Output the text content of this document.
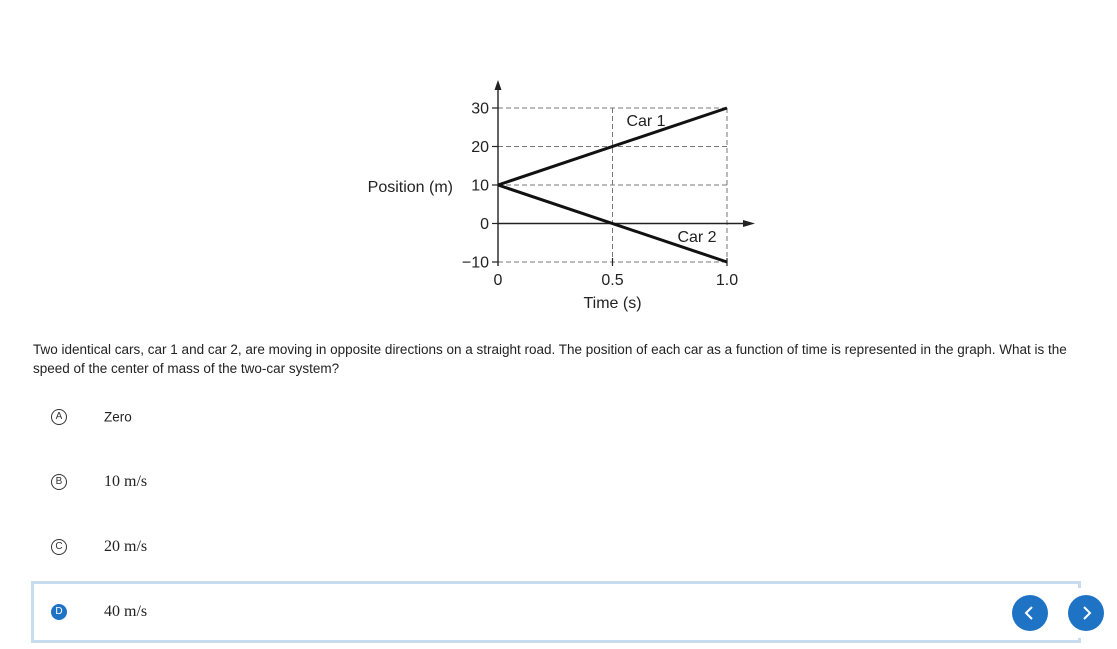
30
20
10
0
−10
0	0.5	1.0
Car 1
Car 2
Position (m)
Time (s)
Two identical cars, car 1 and car 2, are moving in opposite directions on a straight road. The position of each car as a function of time is represented in the graph. What is the speed of the center of mass of the two-car system?
A	Zero
B	10 m/s
C	20 m/s
D	40 m/s
